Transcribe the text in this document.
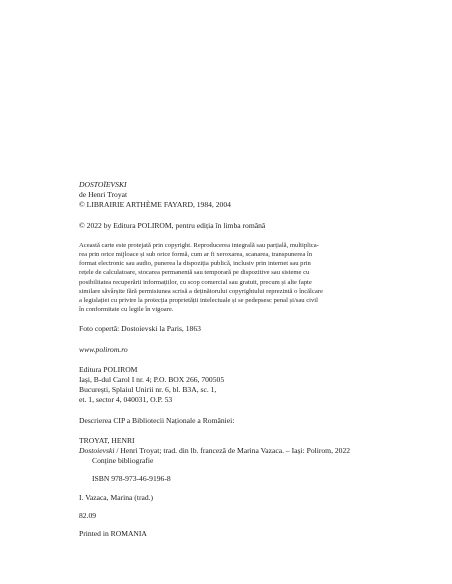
DOSTOÏEVSKI
de Henri Troyat
© LIBRAIRIE ARTHÈME FAYARD, 1984, 2004
© 2022 by Editura POLIROM, pentru ediția în limba română
Această carte este protejată prin copyright. Reproducerea integrală sau parțială, multiplica-
rea prin orice mijloace și sub orice formă, cum ar fi xeroxarea, scanarea, transpunerea în
format electronic sau audio, punerea la dispoziția publică, inclusiv prin internet sau prin
rețele de calculatoare, stocarea permanentă sau temporară pe dispozitive sau sisteme cu
posibilitatea recuperării informațiilor, cu scop comercial sau gratuit, precum și alte fapte
similare săvârșite fără permisiunea scrisă a deținătorului copyrightului reprezintă o încălcare
a legislației cu privire la protecția proprietății intelectuale și se pedepsesc penal și/sau civil
în conformitate cu legile în vigoare.
Foto copertă: Dostoievski la Paris, 1863
www.polirom.ro
Editura POLIROM
Iași, B-dul Carol I nr. 4; P.O. BOX 266, 700505
București, Splaiul Unirii nr. 6, bl. B3A, sc. 1,
et. 1, sector 4, 040031, O.P. 53
Descrierea CIP a Bibliotecii Naționale a României:
TROYAT, HENRI
Dostoievski / Henri Troyat; trad. din lb. franceză de Marina Vazaca. – Iași: Polirom, 2022
Conține bibliografie
ISBN 978-973-46-9196-8
I. Vazaca, Marina (trad.)
82.09
Printed in ROMANIA
